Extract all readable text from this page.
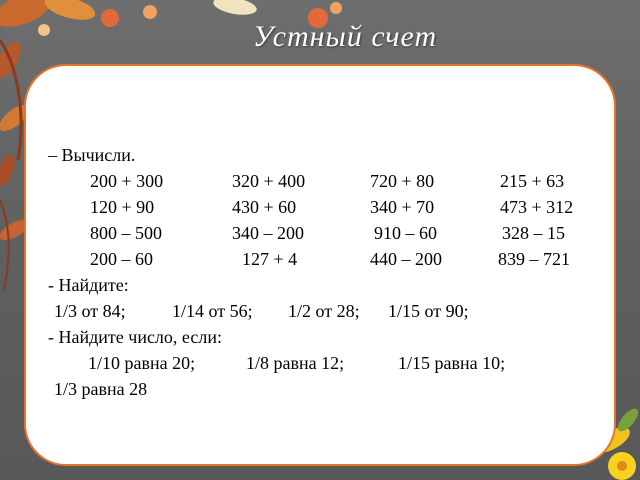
Устный счет
– Вычисли.
200 + 300	320 + 400	720 + 80	215 + 63
120 + 90	430 + 60	340 + 70	473 + 312
800 – 500	340 – 200	910 – 60	328 – 15
200 – 60	127 + 4	440 – 200	839 – 721
- Найдите:
1/3 от 84;	1/14 от 56; 1/2 от 28; 1/15 от 90;
- Найдите число, если:
1/10 равна 20;	1/8 равна 12;	1/15 равна 10;
1/3 равна 28
